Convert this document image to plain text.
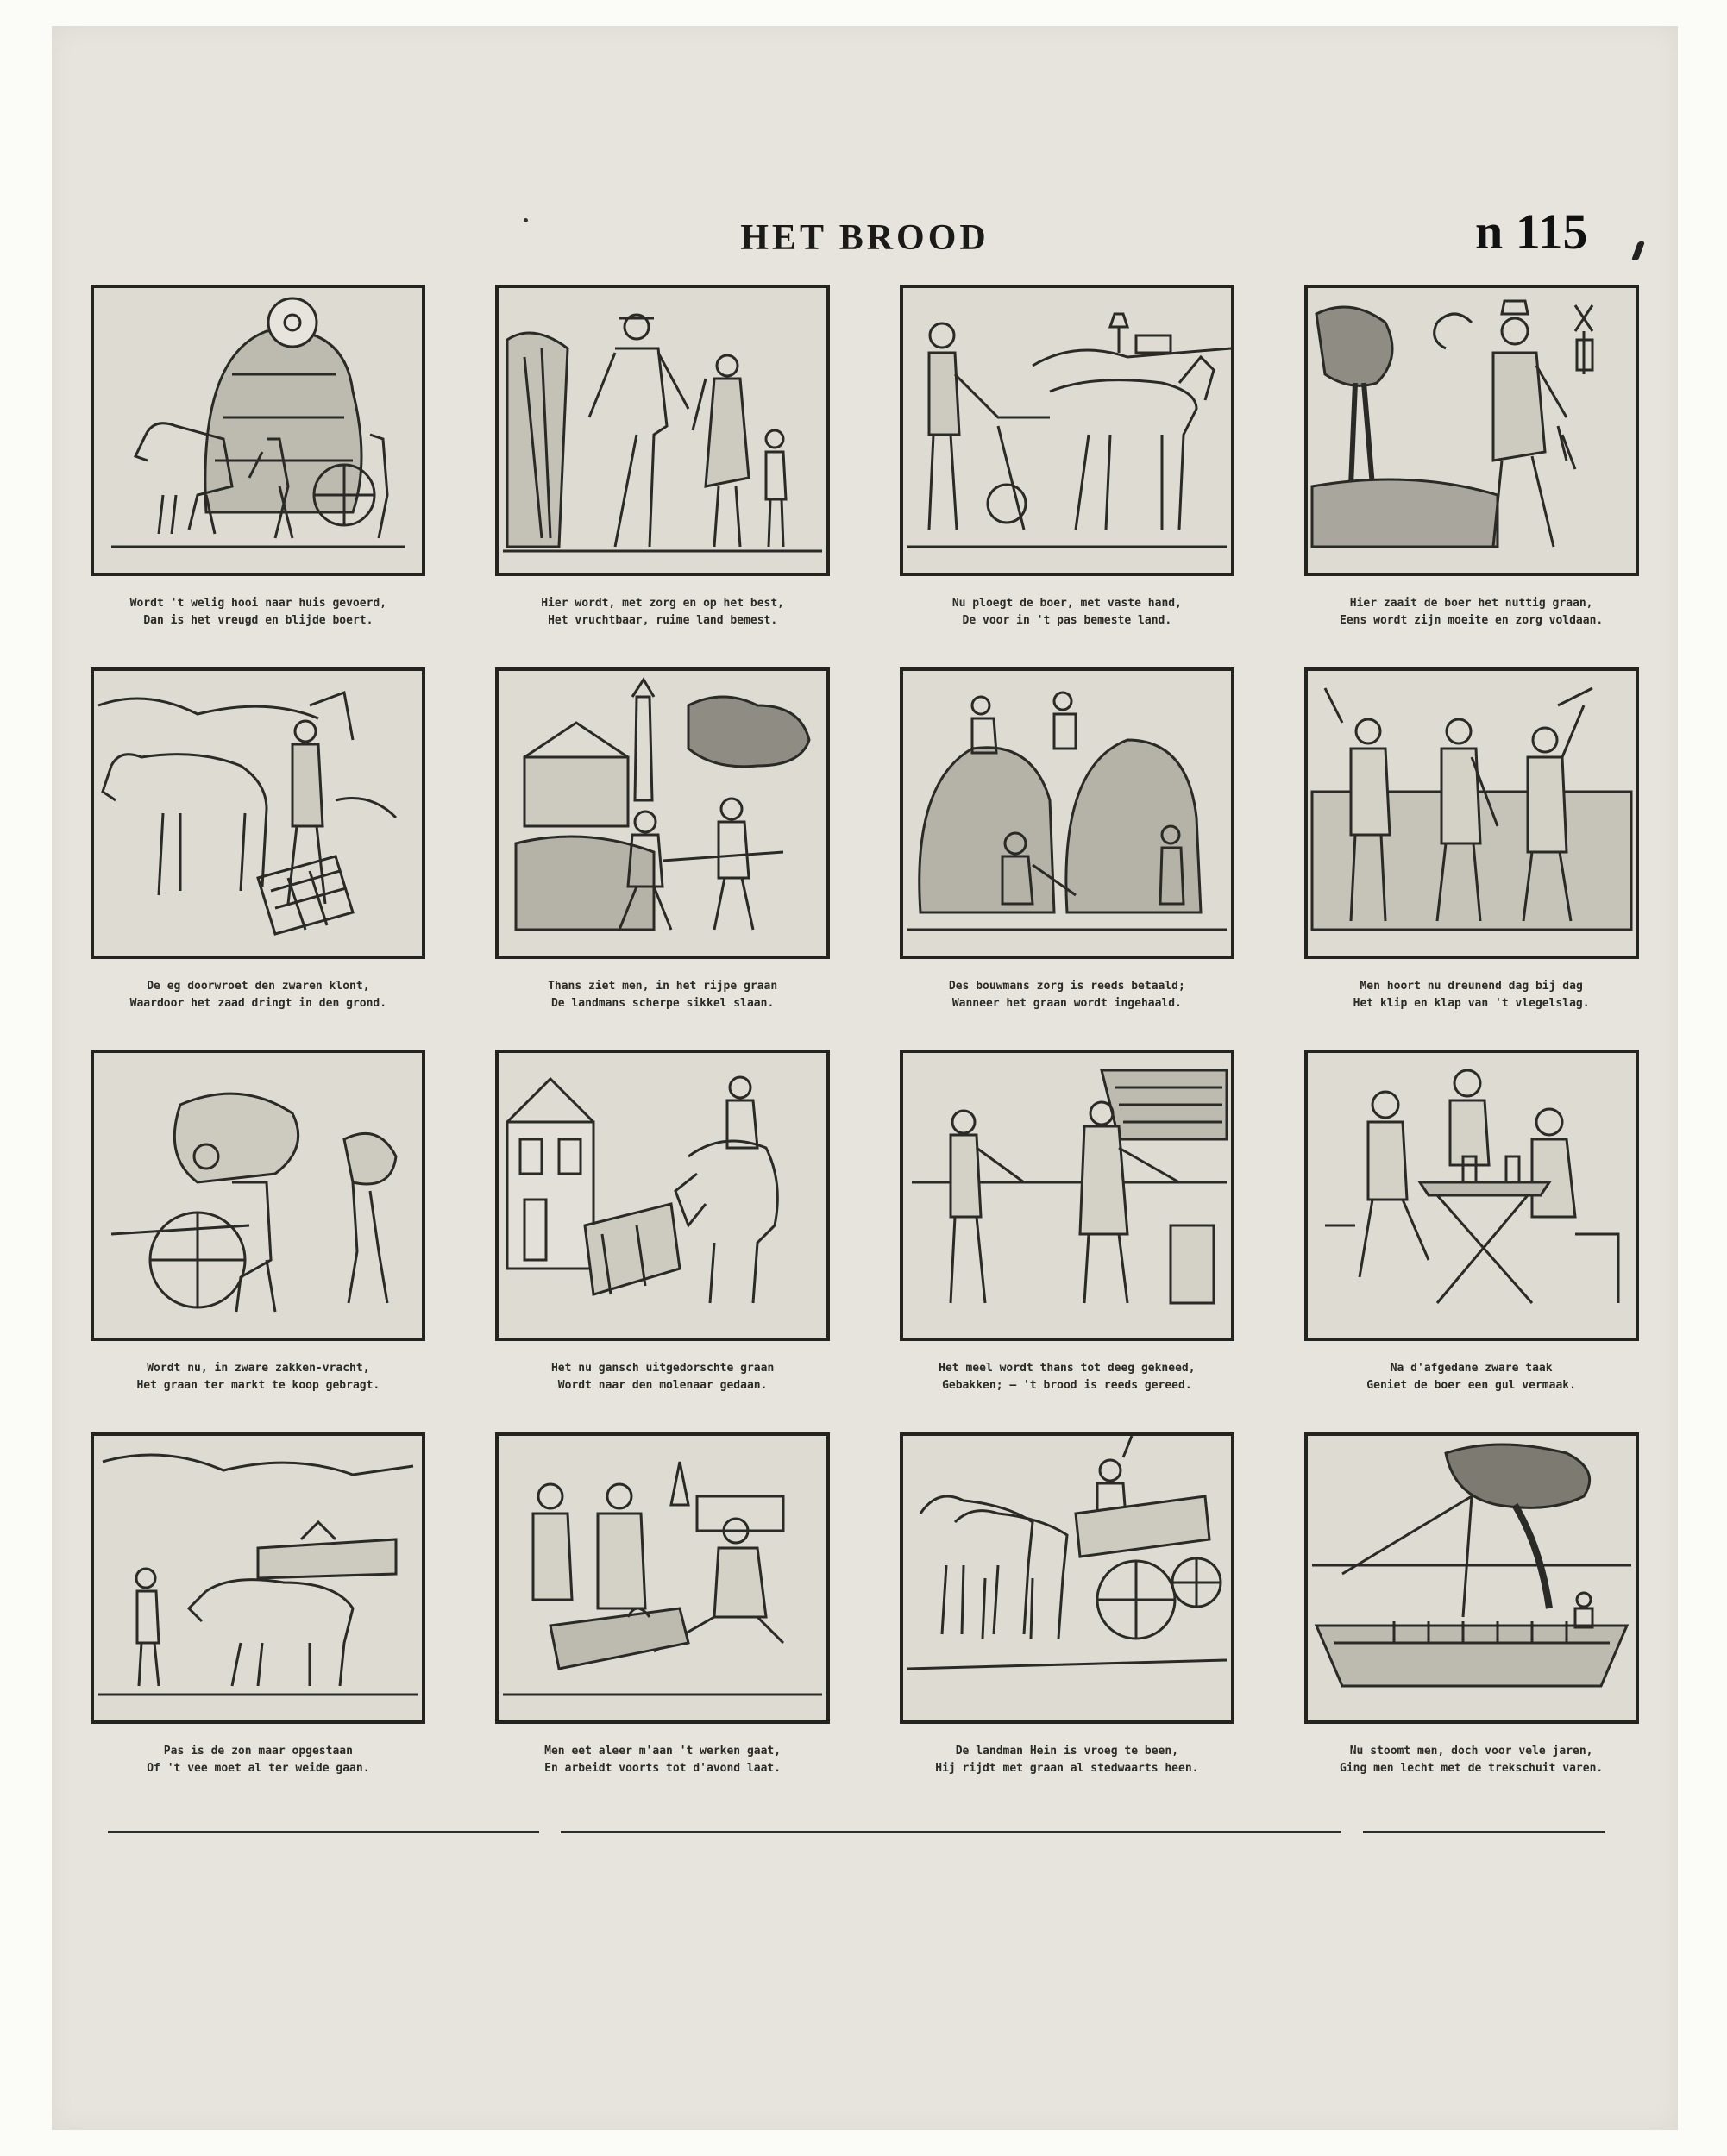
HET BROOD	n 115
Wordt 't welig hooi naar huis gevoerd,
Dan is het vreugd en blijde boert.
Hier wordt, met zorg en op het best,
Het vruchtbaar, ruime land bemest.
Nu ploegt de boer, met vaste hand,
De voor in 't pas bemeste land.
Hier zaait de boer het nuttig graan,
Eens wordt zijn moeite en zorg voldaan.
De eg doorwroet den zwaren klont,
Waardoor het zaad dringt in den grond.
Thans ziet men, in het rijpe graan
De landmans scherpe sikkel slaan.
Des bouwmans zorg is reeds betaald;
Wanneer het graan wordt ingehaald.
Men hoort nu dreunend dag bij dag
Het klip en klap van 't vlegelslag.
Wordt nu, in zware zakken-vracht,
Het graan ter markt te koop gebragt.
Het nu gansch uitgedorschte graan
Wordt naar den molenaar gedaan.
Het meel wordt thans tot deeg gekneed,
Gebakken; — 't brood is reeds gereed.
Na d'afgedane zware taak
Geniet de boer een gul vermaak.
Pas is de zon maar opgestaan
Of 't vee moet al ter weide gaan.
Men eet aleer m'aan 't werken gaat,
En arbeidt voorts tot d'avond laat.
De landman Hein is vroeg te been,
Hij rijdt met graan al stedwaarts heen.
Nu stoomt men, doch voor vele jaren,
Ging men lecht met de trekschuit varen.
